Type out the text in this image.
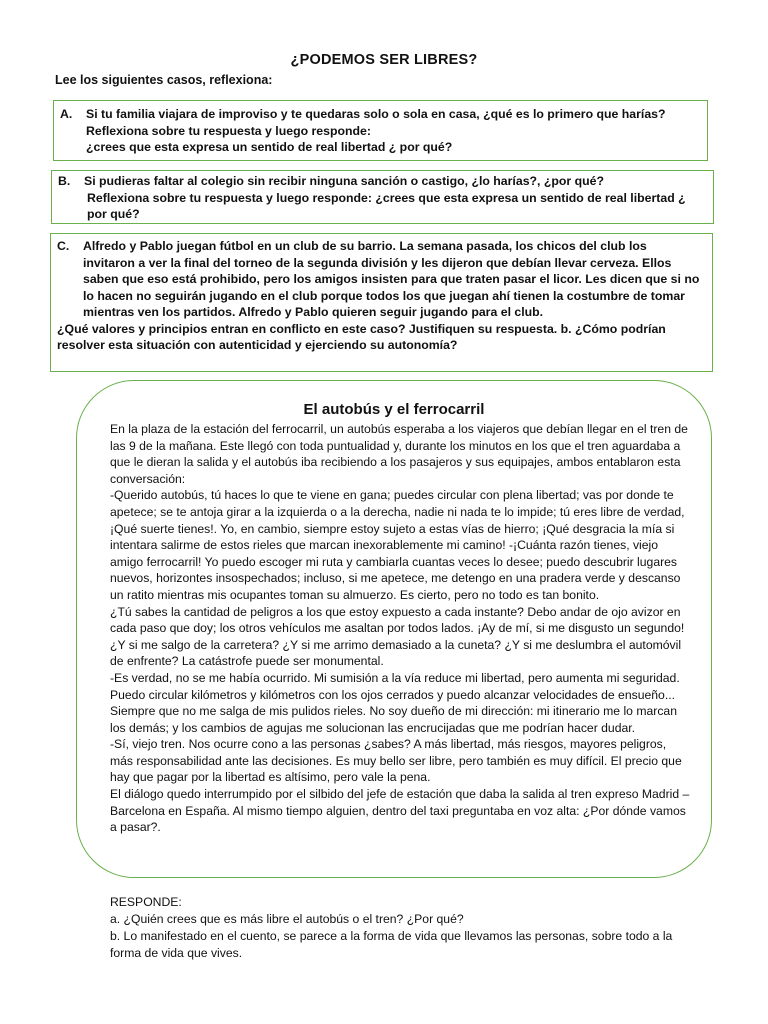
¿PODEMOS SER LIBRES?
Lee los siguientes casos, reflexiona:
A.	Si tu familia viajara de improviso y te quedaras solo o sola en casa, ¿qué es lo primero que harías?
Reflexiona sobre tu respuesta y luego responde:
¿crees que esta expresa un sentido de real libertad ¿ por qué?
B.	Si pudieras faltar al colegio sin recibir ninguna sanción o castigo, ¿lo harías?, ¿por qué?
Reflexiona sobre tu respuesta y luego responde: ¿crees que esta expresa un sentido de real libertad ¿ por qué?
C.	Alfredo y Pablo juegan fútbol en un club de su barrio. La semana pasada, los chicos del club los invitaron a ver la final del torneo de la segunda división y les dijeron que debían llevar cerveza. Ellos saben que eso está prohibido, pero los amigos insisten para que traten pasar el licor. Les dicen que si no lo hacen no seguirán jugando en el club porque todos los que juegan ahí tienen la costumbre de tomar mientras ven los partidos. Alfredo y Pablo quieren seguir jugando para el club.
¿Qué valores y principios entran en conflicto en este caso? Justifiquen su respuesta. b. ¿Cómo podrían resolver esta situación con autenticidad y ejerciendo su autonomía?
El autobús y el ferrocarril

En la plaza de la estación del ferrocarril, un autobús esperaba a los viajeros que debían llegar en el tren de las 9 de la mañana. Este llegó con toda puntualidad y, durante los minutos en los que el tren aguardaba a que le dieran la salida y el autobús iba recibiendo a los pasajeros y sus equipajes, ambos entablaron esta conversación:

-Querido autobús, tú haces lo que te viene en gana; puedes circular con plena libertad; vas por donde te apetece; se te antoja girar a la izquierda o a la derecha, nadie ni nada te lo impide; tú eres libre de verdad, ¡Qué suerte tienes!. Yo, en cambio, siempre estoy sujeto a estas vías de hierro; ¡Qué desgracia la mía si intentara salirme de estos rieles que marcan inexorablemente mi camino! -¡Cuánta razón tienes, viejo amigo ferrocarril! Yo puedo escoger mi ruta y cambiarla cuantas veces lo desee; puedo descubrir lugares nuevos, horizontes insospechados; incluso, si me apetece, me detengo en una pradera verde y descanso un ratito mientras mis ocupantes toman su almuerzo. Es cierto, pero no todo es tan bonito.

¿Tú sabes la cantidad de peligros a los que estoy expuesto a cada instante? Debo andar de ojo avizor en cada paso que doy; los otros vehículos me asaltan por todos lados. ¡Ay de mí, si me disgusto un segundo! ¿Y si me salgo de la carretera? ¿Y si me arrimo demasiado a la cuneta? ¿Y si me deslumbra el automóvil de enfrente? La catástrofe puede ser monumental.

-Es verdad, no se me había ocurrido. Mi sumisión a la vía reduce mi libertad, pero aumenta mi seguridad. Puedo circular kilómetros y kilómetros con los ojos cerrados y puedo alcanzar velocidades de ensueño... Siempre que no me salga de mis pulidos rieles. No soy dueño de mi dirección: mi itinerario me lo marcan los demás; y los cambios de agujas me solucionan las encrucijadas que me podrían hacer dudar.

-Sí, viejo tren. Nos ocurre cono a las personas ¿sabes? A más libertad, más riesgos, mayores peligros, más responsabilidad ante las decisiones. Es muy bello ser libre, pero también es muy difícil. El precio que hay que pagar por la libertad es altísimo, pero vale la pena.

El diálogo quedo interrumpido por el silbido del jefe de estación que daba la salida al tren expreso Madrid – Barcelona en España. Al mismo tiempo alguien, dentro del taxi preguntaba en voz alta: ¿Por dónde vamos a pasar?.

RESPONDE:

a. ¿Quién crees que es más libre el autobús o el tren? ¿Por qué?

b. Lo manifestado en el cuento, se parece a la forma de vida que llevamos las personas, sobre todo a la forma de vida que vives.
